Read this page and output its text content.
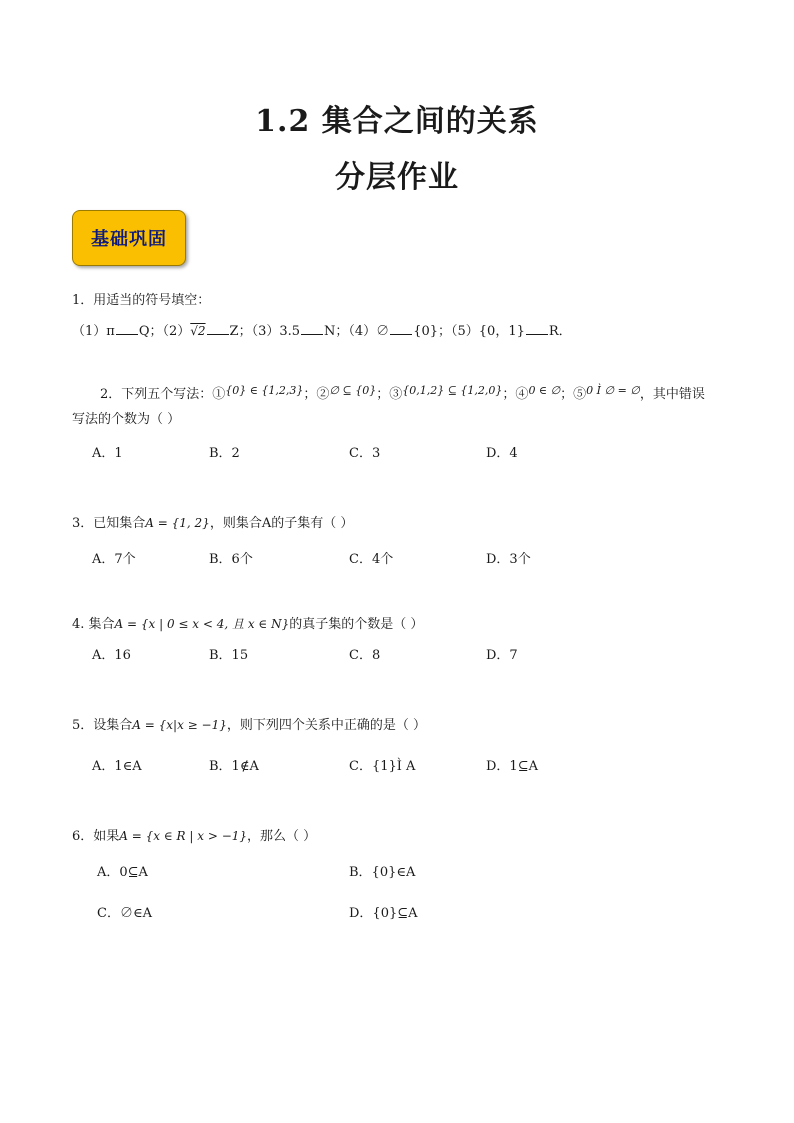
1.2 集合之间的关系
分层作业
基础巩固
1．用适当的符号填空：
（1）π Q；（2）√2 Z；（3）3.5 N；（4）∅ {0}；（5）{0，1} R．
2．下列五个写法：①$^{\{0\} \in \{1,2,3\}}$；②$^{\emptyset ⊆ \{0\}}$；③$^{\{0,1,2\} ⊆ \{1,2,0\}}$；④$^{0 \in \emptyset}$；⑤$^{0 Ì \emptyset = \emptyset}$，其中错误
写法的个数为（ ）
A．1	B．2	C．3	D．4
3．已知集合A = {1, 2}，则集合A的子集有（ ）
A．7个	B．6个	C．4个	D．3个
4. 集合A = {x | 0 ≤ x < 4, 且 x ∈ N}的真子集的个数是（ ）
A．16	B．15	C．8	D．7
5．设集合A = {x|x ≥ −1}，则下列四个关系中正确的是（ ）
A．1∈A	B．1∉A	C．{1}Ì A	D．1⊆A
6．如果A = {x ∈ R | x > −1}，那么（ ）
A．0⊆A	B．{0}∈A
C．∅∈A	D．{0}⊆A
